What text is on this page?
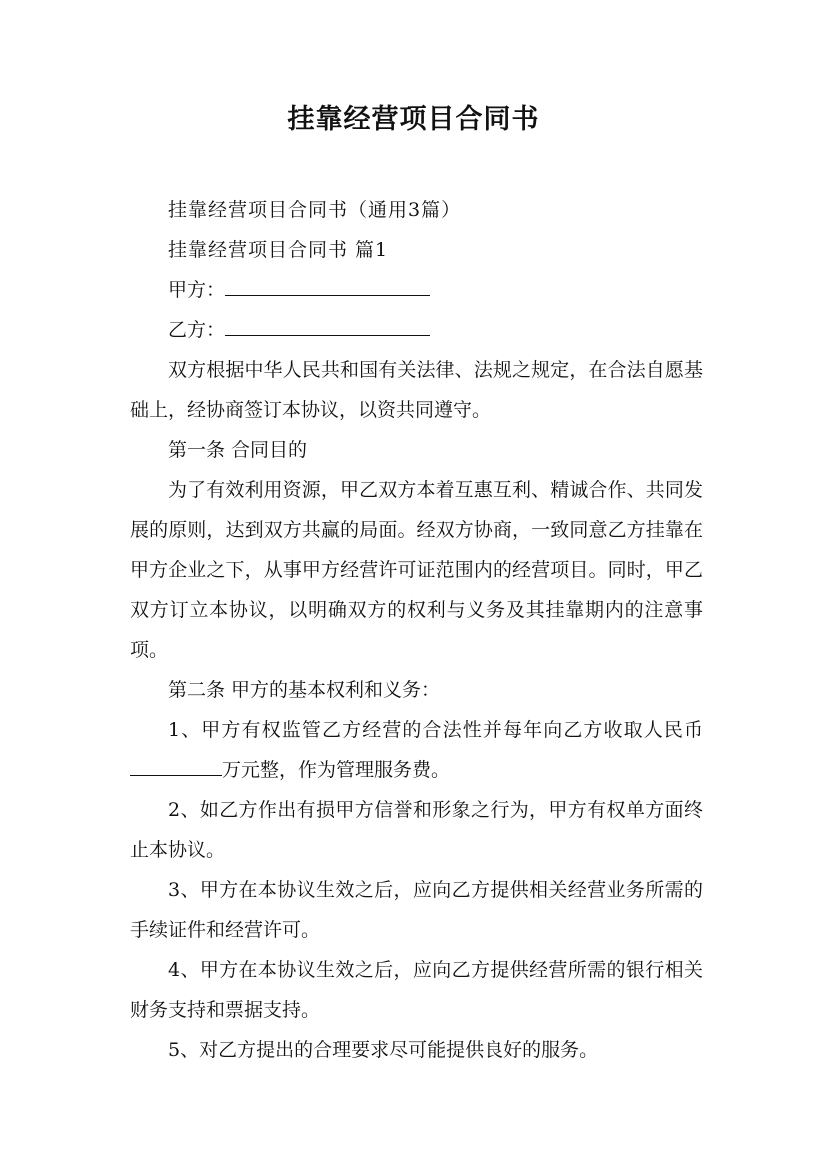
挂靠经营项目合同书

挂靠经营项目合同书（通用3篇）

挂靠经营项目合同书 篇1

甲方：

乙方：

双方根据中华人民共和国有关法律、法规之规定，在合法自愿基础上，经协商签订本协议，以资共同遵守。

第一条 合同目的

为了有效利用资源，甲乙双方本着互惠互利、精诚合作、共同发展的原则，达到双方共赢的局面。经双方协商，一致同意乙方挂靠在甲方企业之下，从事甲方经营许可证范围内的经营项目。同时，甲乙双方订立本协议，以明确双方的权利与义务及其挂靠期内的注意事项。

第二条 甲方的基本权利和义务：

1、甲方有权监管乙方经营的合法性并每年向乙方收取人民币万元整，作为管理服务费。

2、如乙方作出有损甲方信誉和形象之行为，甲方有权单方面终止本协议。

3、甲方在本协议生效之后，应向乙方提供相关经营业务所需的手续证件和经营许可。

4、甲方在本协议生效之后，应向乙方提供经营所需的银行相关财务支持和票据支持。

5、对乙方提出的合理要求尽可能提供良好的服务。
